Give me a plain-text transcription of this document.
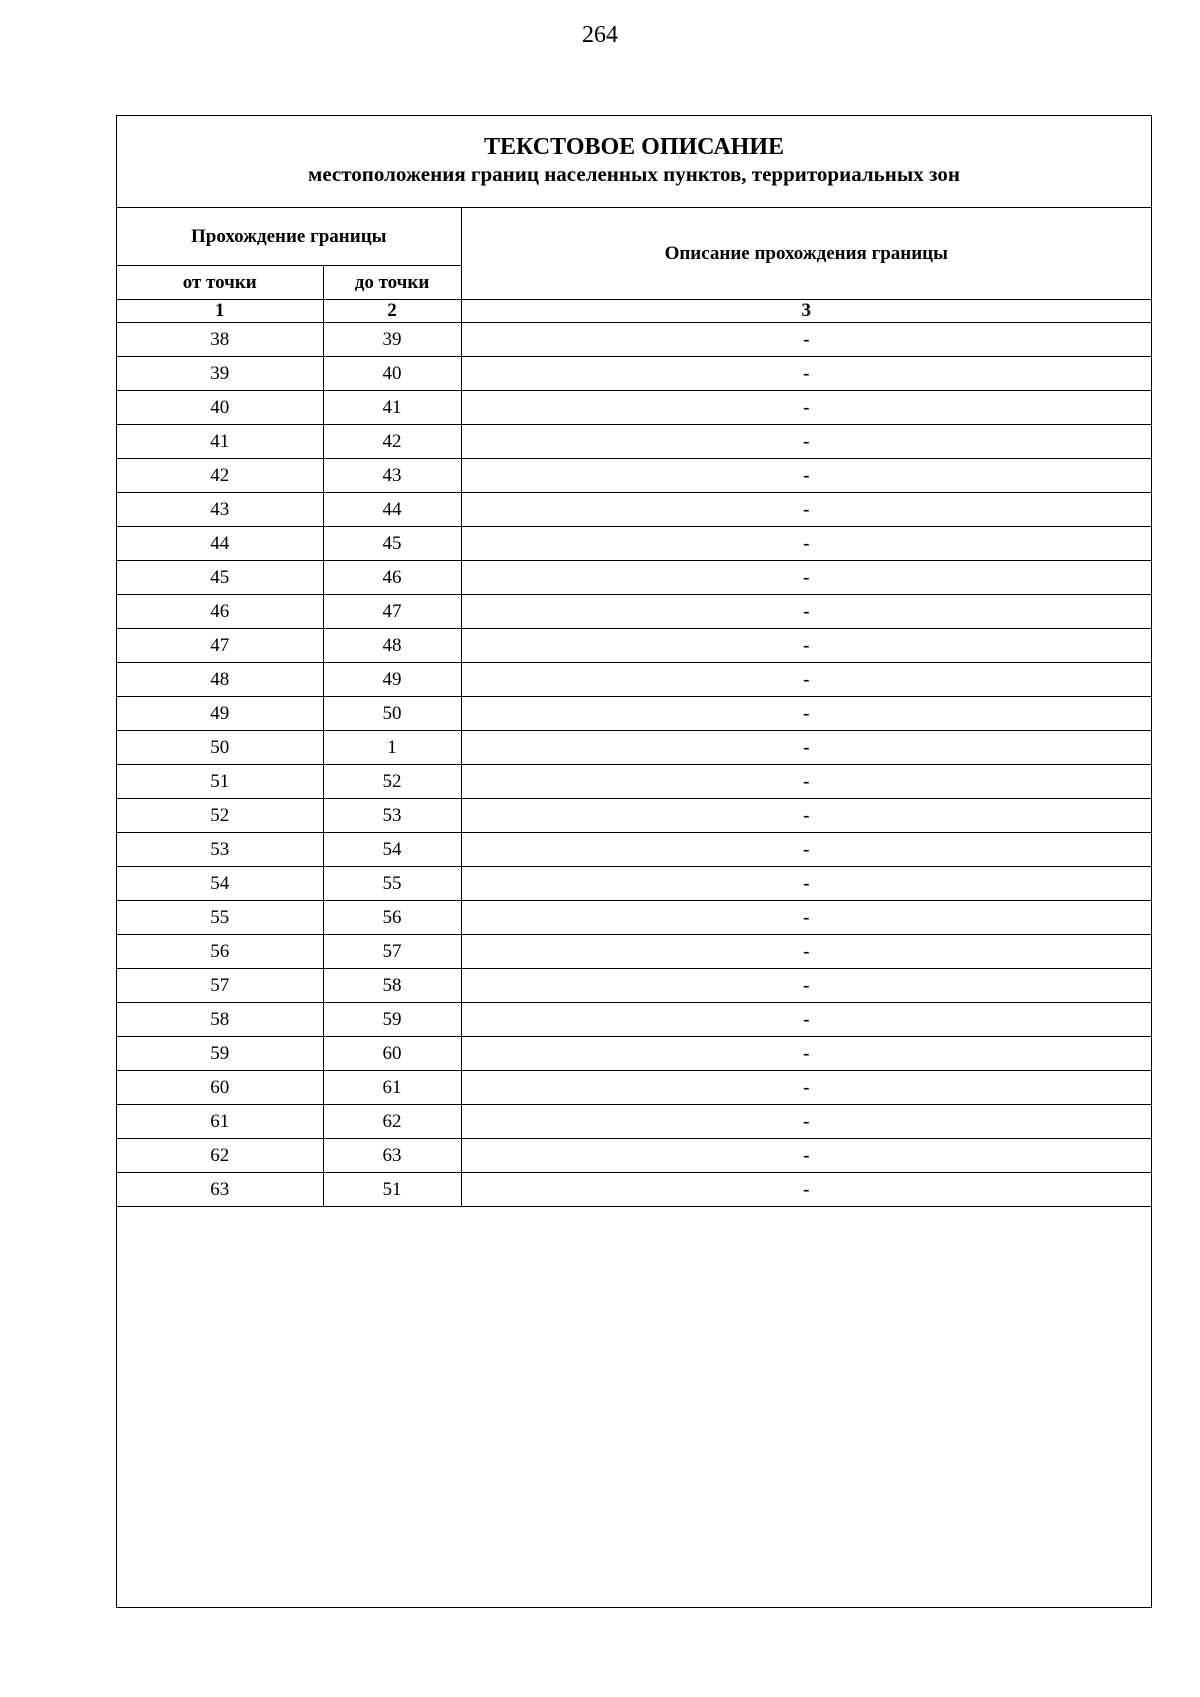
264
ТЕКСТОВОЕ ОПИСАНИЕ
местоположения границ населенных пунктов, территориальных зон
Прохождение границы		Описание прохождения границы
от точки	до точки	
1	2	3
38	39	-
39	40	-
40	41	-
41	42	-
42	43	-
43	44	-
44	45	-
45	46	-
46	47	-
47	48	-
48	49	-
49	50	-
50	1	-
51	52	-
52	53	-
53	54	-
54	55	-
55	56	-
56	57	-
57	58	-
58	59	-
59	60	-
60	61	-
61	62	-
62	63	-
63	51	-
